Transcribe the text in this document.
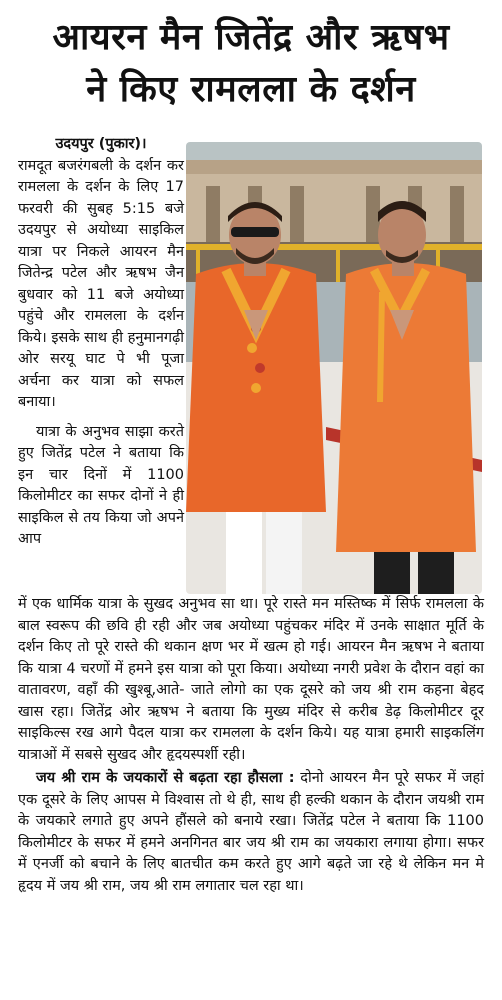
आयरन मैन जितेंद्र और ऋषभ
ने किए रामलला के दर्शन
उदयपुर (पुकार)।

रामदूत बजरंगबली के दर्शन कर रामलला के दर्शन के लिए 17 फरवरी की सुबह 5:15 बजे उदयपुर से अयोध्या साइकिल यात्रा पर निकले आयरन मैन जितेन्द्र पटेल और ऋषभ जैन बुधवार को 11 बजे अयोध्या पहुंचे और रामलला के दर्शन किये। इसके साथ ही हनुमानगढ़ी ओर सरयू घाट पे भी पूजा अर्चना कर यात्रा को सफल बनाया।

यात्रा के अनुभव साझा करते हुए जितेंद्र पटेल ने बताया कि इन चार दिनों में 1100 किलोमीटर का सफर दोनों ने ही साइकिल से तय किया जो अपने आप

में एक धार्मिक यात्रा के सुखद अनुभव सा था। पूरे रास्ते मन मस्तिष्क में सिर्फ रामलला के बाल स्वरूप की छवि ही रही और जब अयोध्या पहुंचकर मंदिर में उनके साक्षात मूर्ति के दर्शन किए तो पूरे रास्ते की थकान क्षण भर में खत्म हो गई। आयरन मैन ऋषभ ने बताया कि यात्रा 4 चरणों में हमने इस यात्रा को पूरा किया। अयोध्या नगरी प्रवेश के दौरान वहां का वातावरण, वहाँ की खुश्बू,आते- जाते लोगो का एक दूसरे को जय श्री राम कहना बेहद खास रहा। जितेंद्र ओर ऋषभ ने बताया कि मुख्य मंदिर से करीब डेढ़ किलोमीटर दूर साइकिल्स रख आगे पैदल यात्रा कर रामलला के दर्शन किये। यह यात्रा हमारी साइकलिंग यात्राओं में सबसे सुखद और हृदयस्पर्शी रही।

जय श्री राम के जयकारों से बढ़ता रहा हौसला : दोनो आयरन मैन पूरे सफर में जहां एक दूसरे के लिए आपस मे विश्वास तो थे ही, साथ ही हल्की थकान के दौरान जयश्री राम के जयकारे लगाते हुए अपने हौंसले को बनाये रखा। जितेंद्र पटेल ने बताया कि 1100 किलोमीटर के सफर में हमने अनगिनत बार जय श्री राम का जयकारा लगाया होगा। सफर में एनर्जी को बचाने के लिए बातचीत कम करते हुए आगे बढ़ते जा रहे थे लेकिन मन मे हृदय में जय श्री राम, जय श्री राम लगातार चल रहा था।
